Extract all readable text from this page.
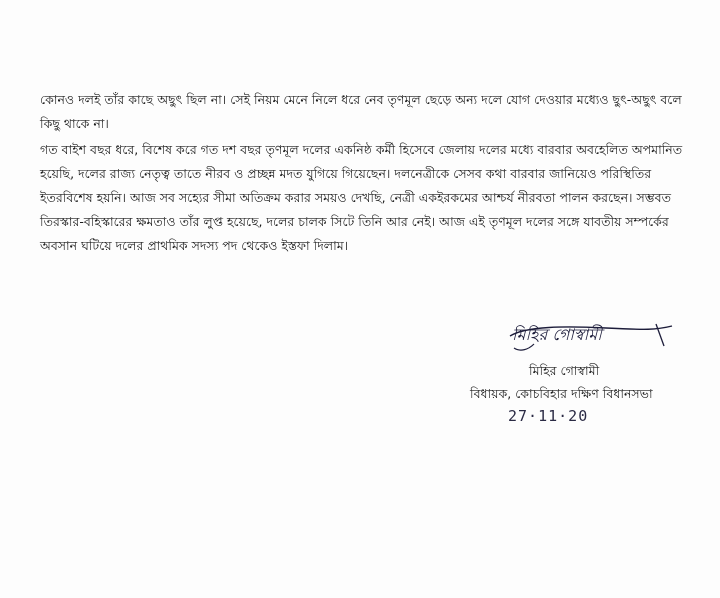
কোনও দলই তাঁর কাছে অছুৎ ছিল না। সেই নিয়ম মেনে নিলে ধরে নেব তৃণমূল ছেড়ে অন্য দলে যোগ দেওয়ার মধ্যেও ছুৎ-অছুৎ বলে কিছু থাকে না।

গত বাইশ বছর ধরে, বিশেষ করে গত দশ বছর তৃণমূল দলের একনিষ্ঠ কর্মী হিসেবে জেলায় দলের মধ্যে বারবার অবহেলিত অপমানিত হয়েছি, দলের রাজ্য নেতৃত্ব তাতে নীরব ও প্রচ্ছন্ন মদত যুগিয়ে গিয়েছেন। দলনেত্রীকে সেসব কথা বারবার জানিয়েও পরিস্থিতির ইতরবিশেষ হয়নি। আজ সব সহ্যের সীমা অতিক্রম করার সময়ও দেখছি, নেত্রী একইরকমের আশ্চর্য নীরবতা পালন করছেন। সম্ভবত তিরস্কার-বহিস্কারের ক্ষমতাও তাঁর লুপ্ত হয়েছে, দলের চালক সিটে তিনি আর নেই। আজ এই তৃণমূল দলের সঙ্গে যাবতীয় সম্পর্কের অবসান ঘটিয়ে দলের প্রাথমিক সদস্য পদ থেকেও ইস্তফা দিলাম।

মিহির গোস্বামী
মিহির গোস্বামী
বিধায়ক, কোচবিহার দক্ষিণ বিধানসভা
27·11·20
